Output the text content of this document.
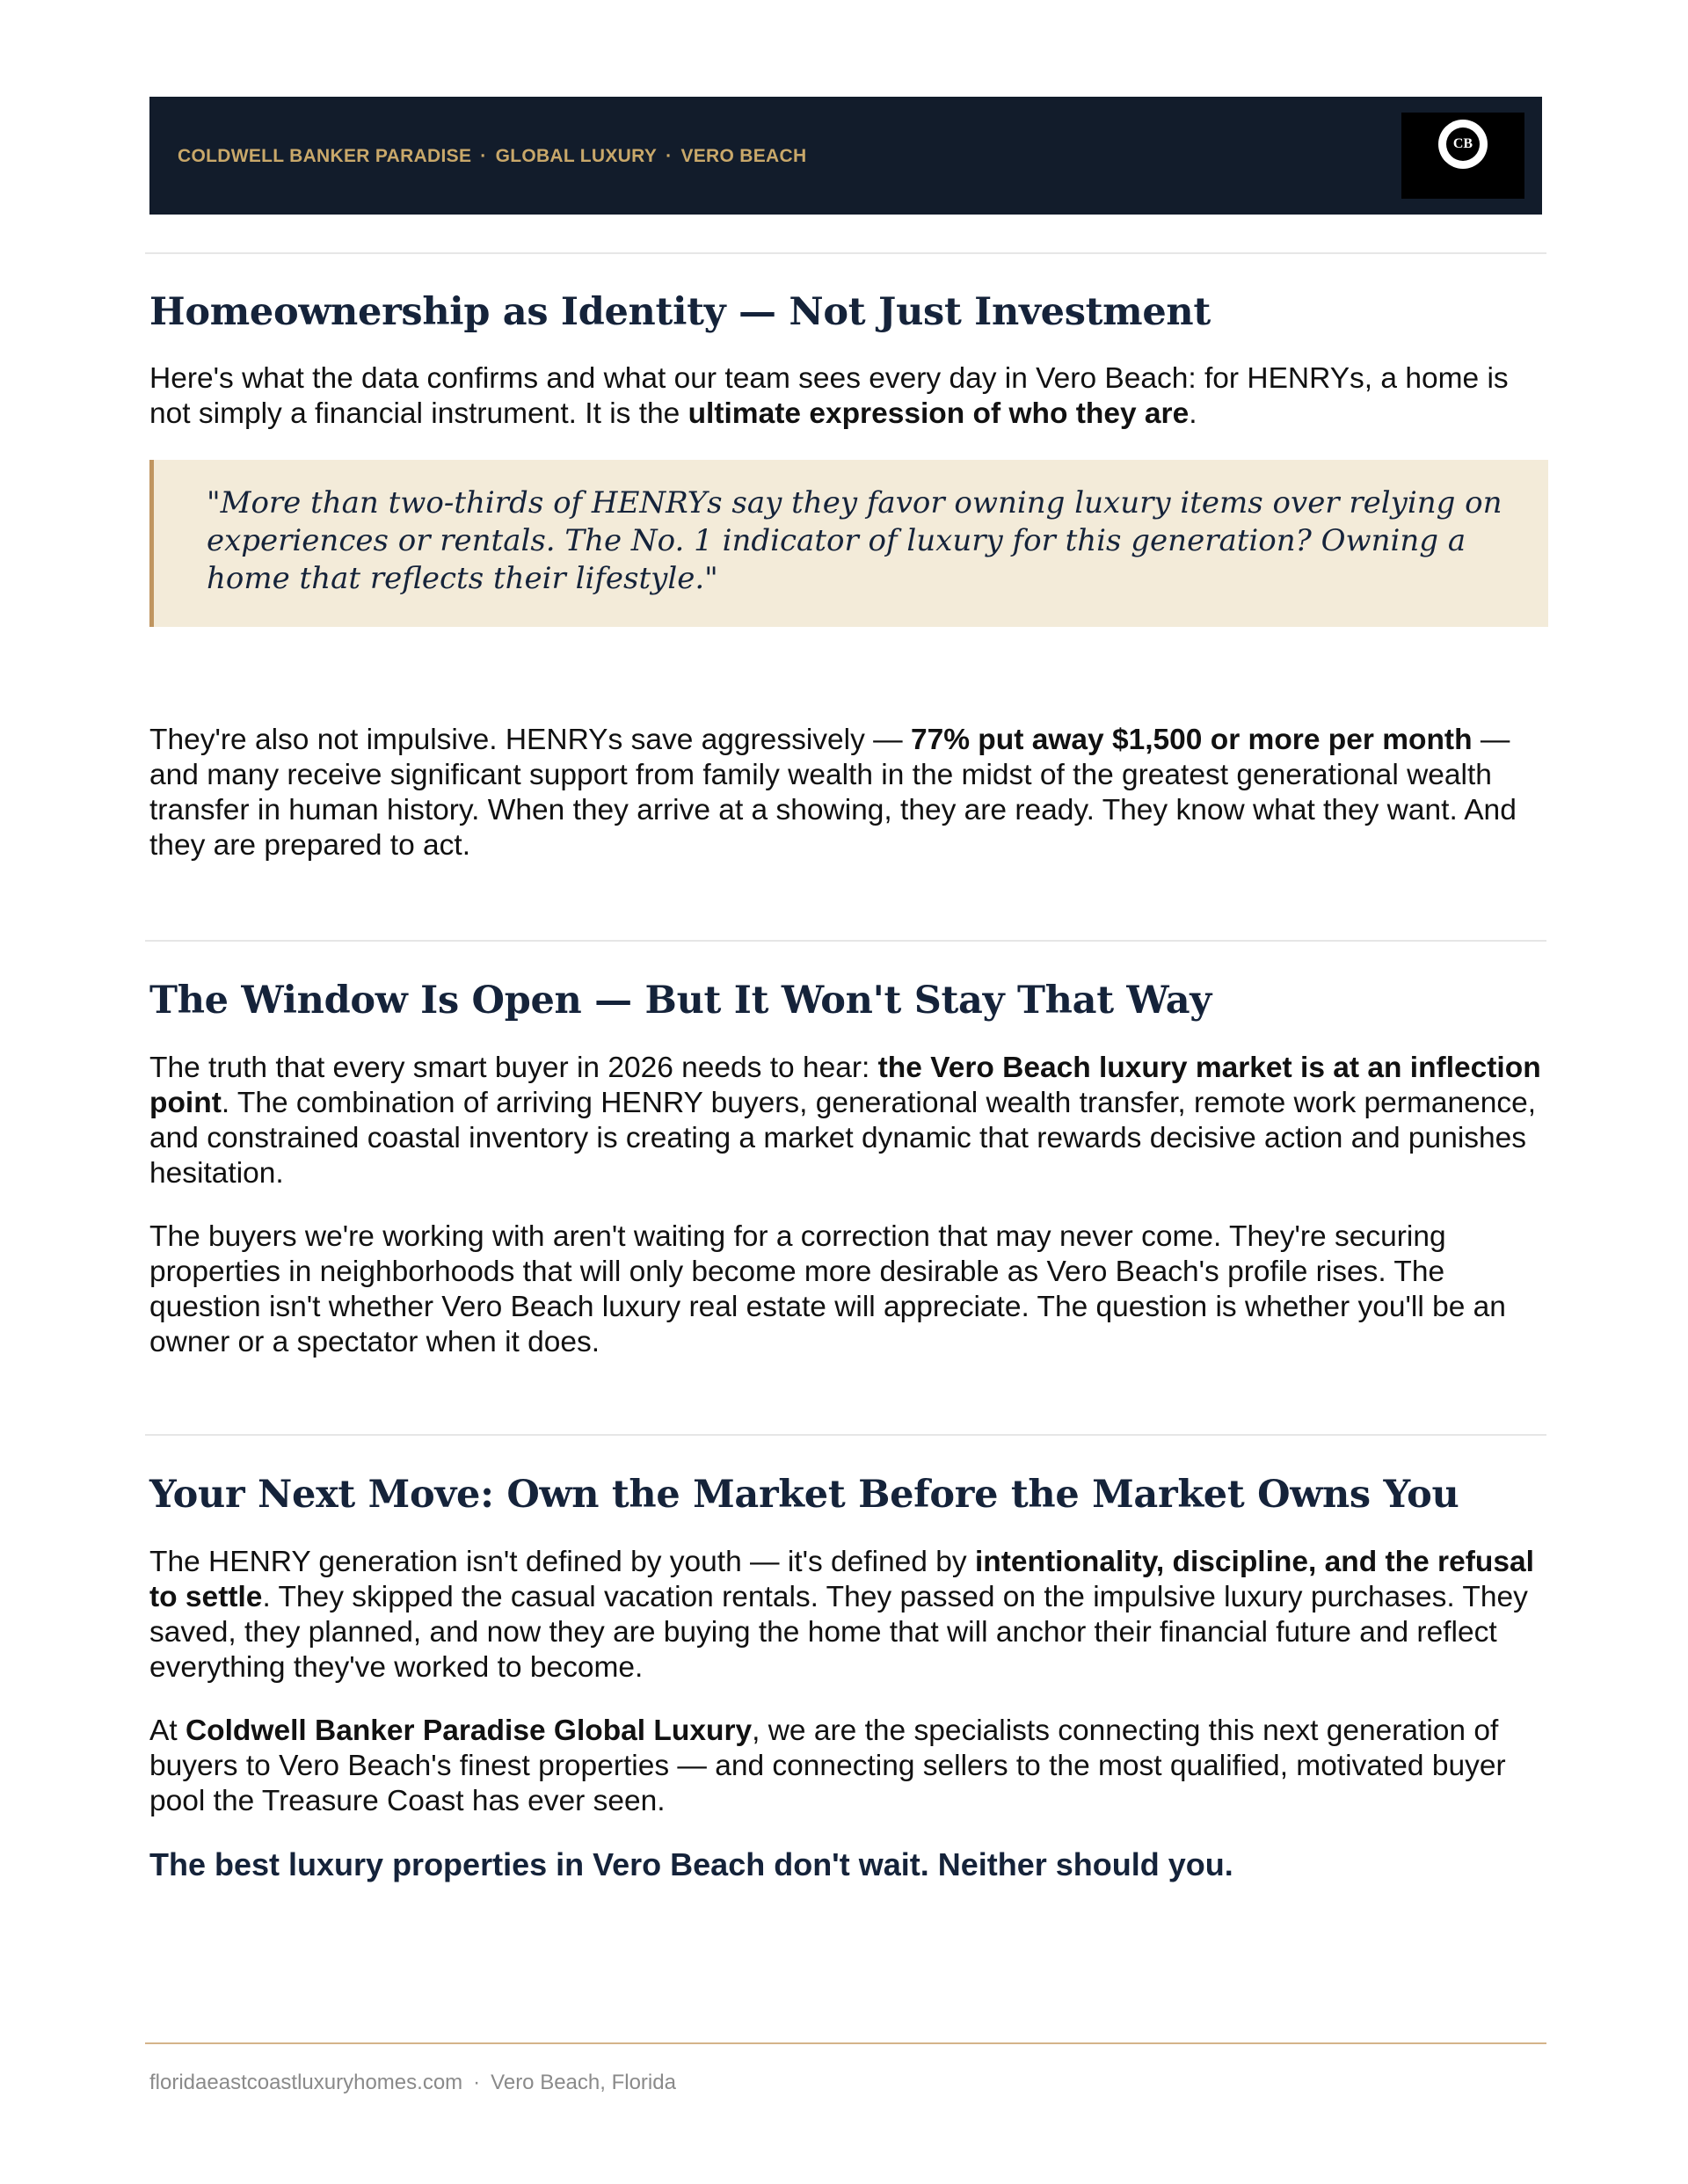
COLDWELL BANKER PARADISE · GLOBAL LUXURY · VERO BEACH
CB
Homeownership as Identity — Not Just Investment

Here's what the data confirms and what our team sees every day in Vero Beach: for HENRYs, a home is not simply a financial instrument. It is the ultimate expression of who they are.

"More than two-thirds of HENRYs say they favor owning luxury items over relying on experiences or rentals. The No. 1 indicator of luxury for this generation? Owning a home that reflects their lifestyle."

They're also not impulsive. HENRYs save aggressively — 77% put away $1,500 or more per month — and many receive significant support from family wealth in the midst of the greatest generational wealth transfer in human history. When they arrive at a showing, they are ready. They know what they want. And they are prepared to act.

The Window Is Open — But It Won't Stay That Way

The truth that every smart buyer in 2026 needs to hear: the Vero Beach luxury market is at an inflection point. The combination of arriving HENRY buyers, generational wealth transfer, remote work permanence, and constrained coastal inventory is creating a market dynamic that rewards decisive action and punishes hesitation.

The buyers we're working with aren't waiting for a correction that may never come. They're securing properties in neighborhoods that will only become more desirable as Vero Beach's profile rises. The question isn't whether Vero Beach luxury real estate will appreciate. The question is whether you'll be an owner or a spectator when it does.

Your Next Move: Own the Market Before the Market Owns You

The HENRY generation isn't defined by youth — it's defined by intentionality, discipline, and the refusal to settle. They skipped the casual vacation rentals. They passed on the impulsive luxury purchases. They saved, they planned, and now they are buying the home that will anchor their financial future and reflect everything they've worked to become.

At Coldwell Banker Paradise Global Luxury, we are the specialists connecting this next generation of buyers to Vero Beach's finest properties — and connecting sellers to the most qualified, motivated buyer pool the Treasure Coast has ever seen.

The best luxury properties in Vero Beach don't wait. Neither should you.

floridaeastcoastluxuryhomes.com · Vero Beach, Florida
